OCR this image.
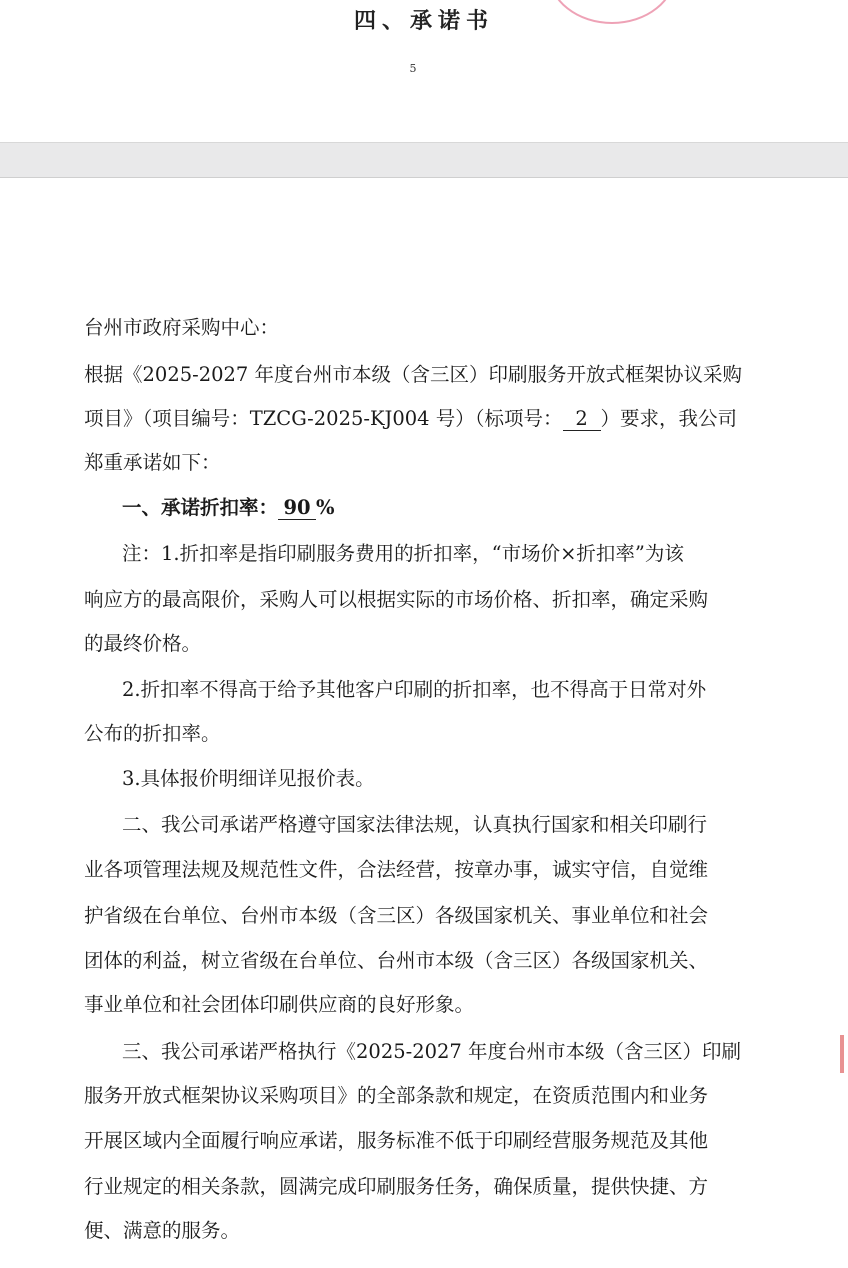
四、承诺书
5
台州市政府采购中心：
根据《2025-2027 年度台州市本级（含三区）印刷服务开放式框架协议采购
项目》（项目编号：TZCG-2025-KJ004 号）（标项号： 2 ）要求，我公司
郑重承诺如下：
一、承诺折扣率： 90 %
注：1.折扣率是指印刷服务费用的折扣率，“市场价×折扣率”为该
响应方的最高限价，采购人可以根据实际的市场价格、折扣率，确定采购
的最终价格。
2.折扣率不得高于给予其他客户印刷的折扣率，也不得高于日常对外
公布的折扣率。
3.具体报价明细详见报价表。
二、我公司承诺严格遵守国家法律法规，认真执行国家和相关印刷行
业各项管理法规及规范性文件，合法经营，按章办事，诚实守信，自觉维
护省级在台单位、台州市本级（含三区）各级国家机关、事业单位和社会
团体的利益，树立省级在台单位、台州市本级（含三区）各级国家机关、
事业单位和社会团体印刷供应商的良好形象。
三、我公司承诺严格执行《2025-2027 年度台州市本级（含三区）印刷
服务开放式框架协议采购项目》的全部条款和规定，在资质范围内和业务
开展区域内全面履行响应承诺，服务标准不低于印刷经营服务规范及其他
行业规定的相关条款，圆满完成印刷服务任务，确保质量，提供快捷、方
便、满意的服务。
